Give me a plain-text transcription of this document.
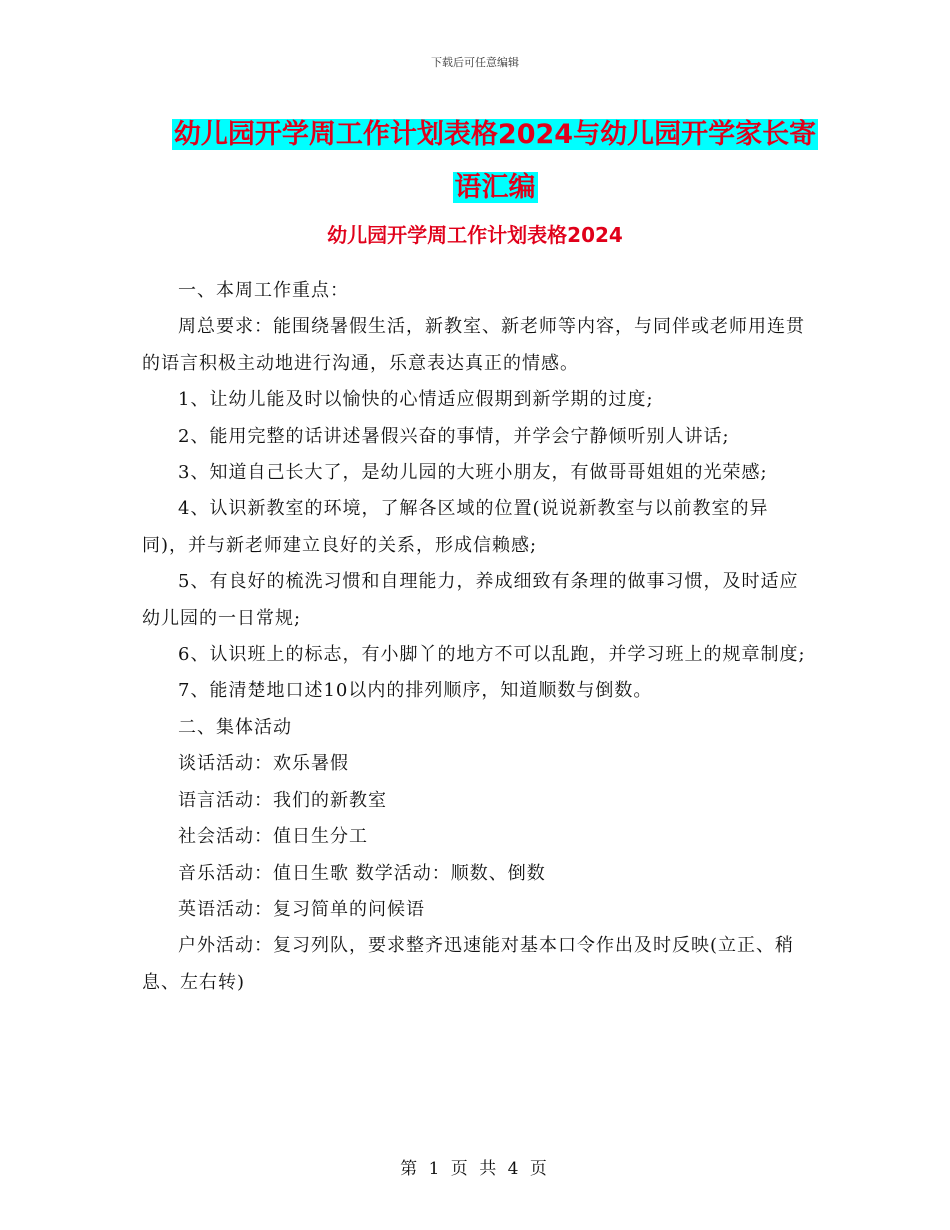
下载后可任意编辑
幼儿园开学周工作计划表格2024与幼儿园开学家长寄
语汇编
幼儿园开学周工作计划表格2024

一、本周工作重点：

周总要求：能围绕暑假生活，新教室、新老师等内容，与同伴或老师用连贯的语言积极主动地进行沟通，乐意表达真正的情感。

1、让幼儿能及时以愉快的心情适应假期到新学期的过度;

2、能用完整的话讲述暑假兴奋的事情，并学会宁静倾听别人讲话;

3、知道自己长大了，是幼儿园的大班小朋友，有做哥哥姐姐的光荣感;

4、认识新教室的环境，了解各区域的位置(说说新教室与以前教室的异同)，并与新老师建立良好的关系，形成信赖感;

5、有良好的梳洗习惯和自理能力，养成细致有条理的做事习惯，及时适应幼儿园的一日常规;

6、认识班上的标志，有小脚丫的地方不可以乱跑，并学习班上的规章制度;

7、能清楚地口述10以内的排列顺序，知道顺数与倒数。

二、集体活动

谈话活动：欢乐暑假

语言活动：我们的新教室

社会活动：值日生分工

音乐活动：值日生歌 数学活动：顺数、倒数

英语活动：复习简单的问候语

户外活动：复习列队，要求整齐迅速能对基本口令作出及时反映(立正、稍息、左右转)

第 1 页 共 4 页
